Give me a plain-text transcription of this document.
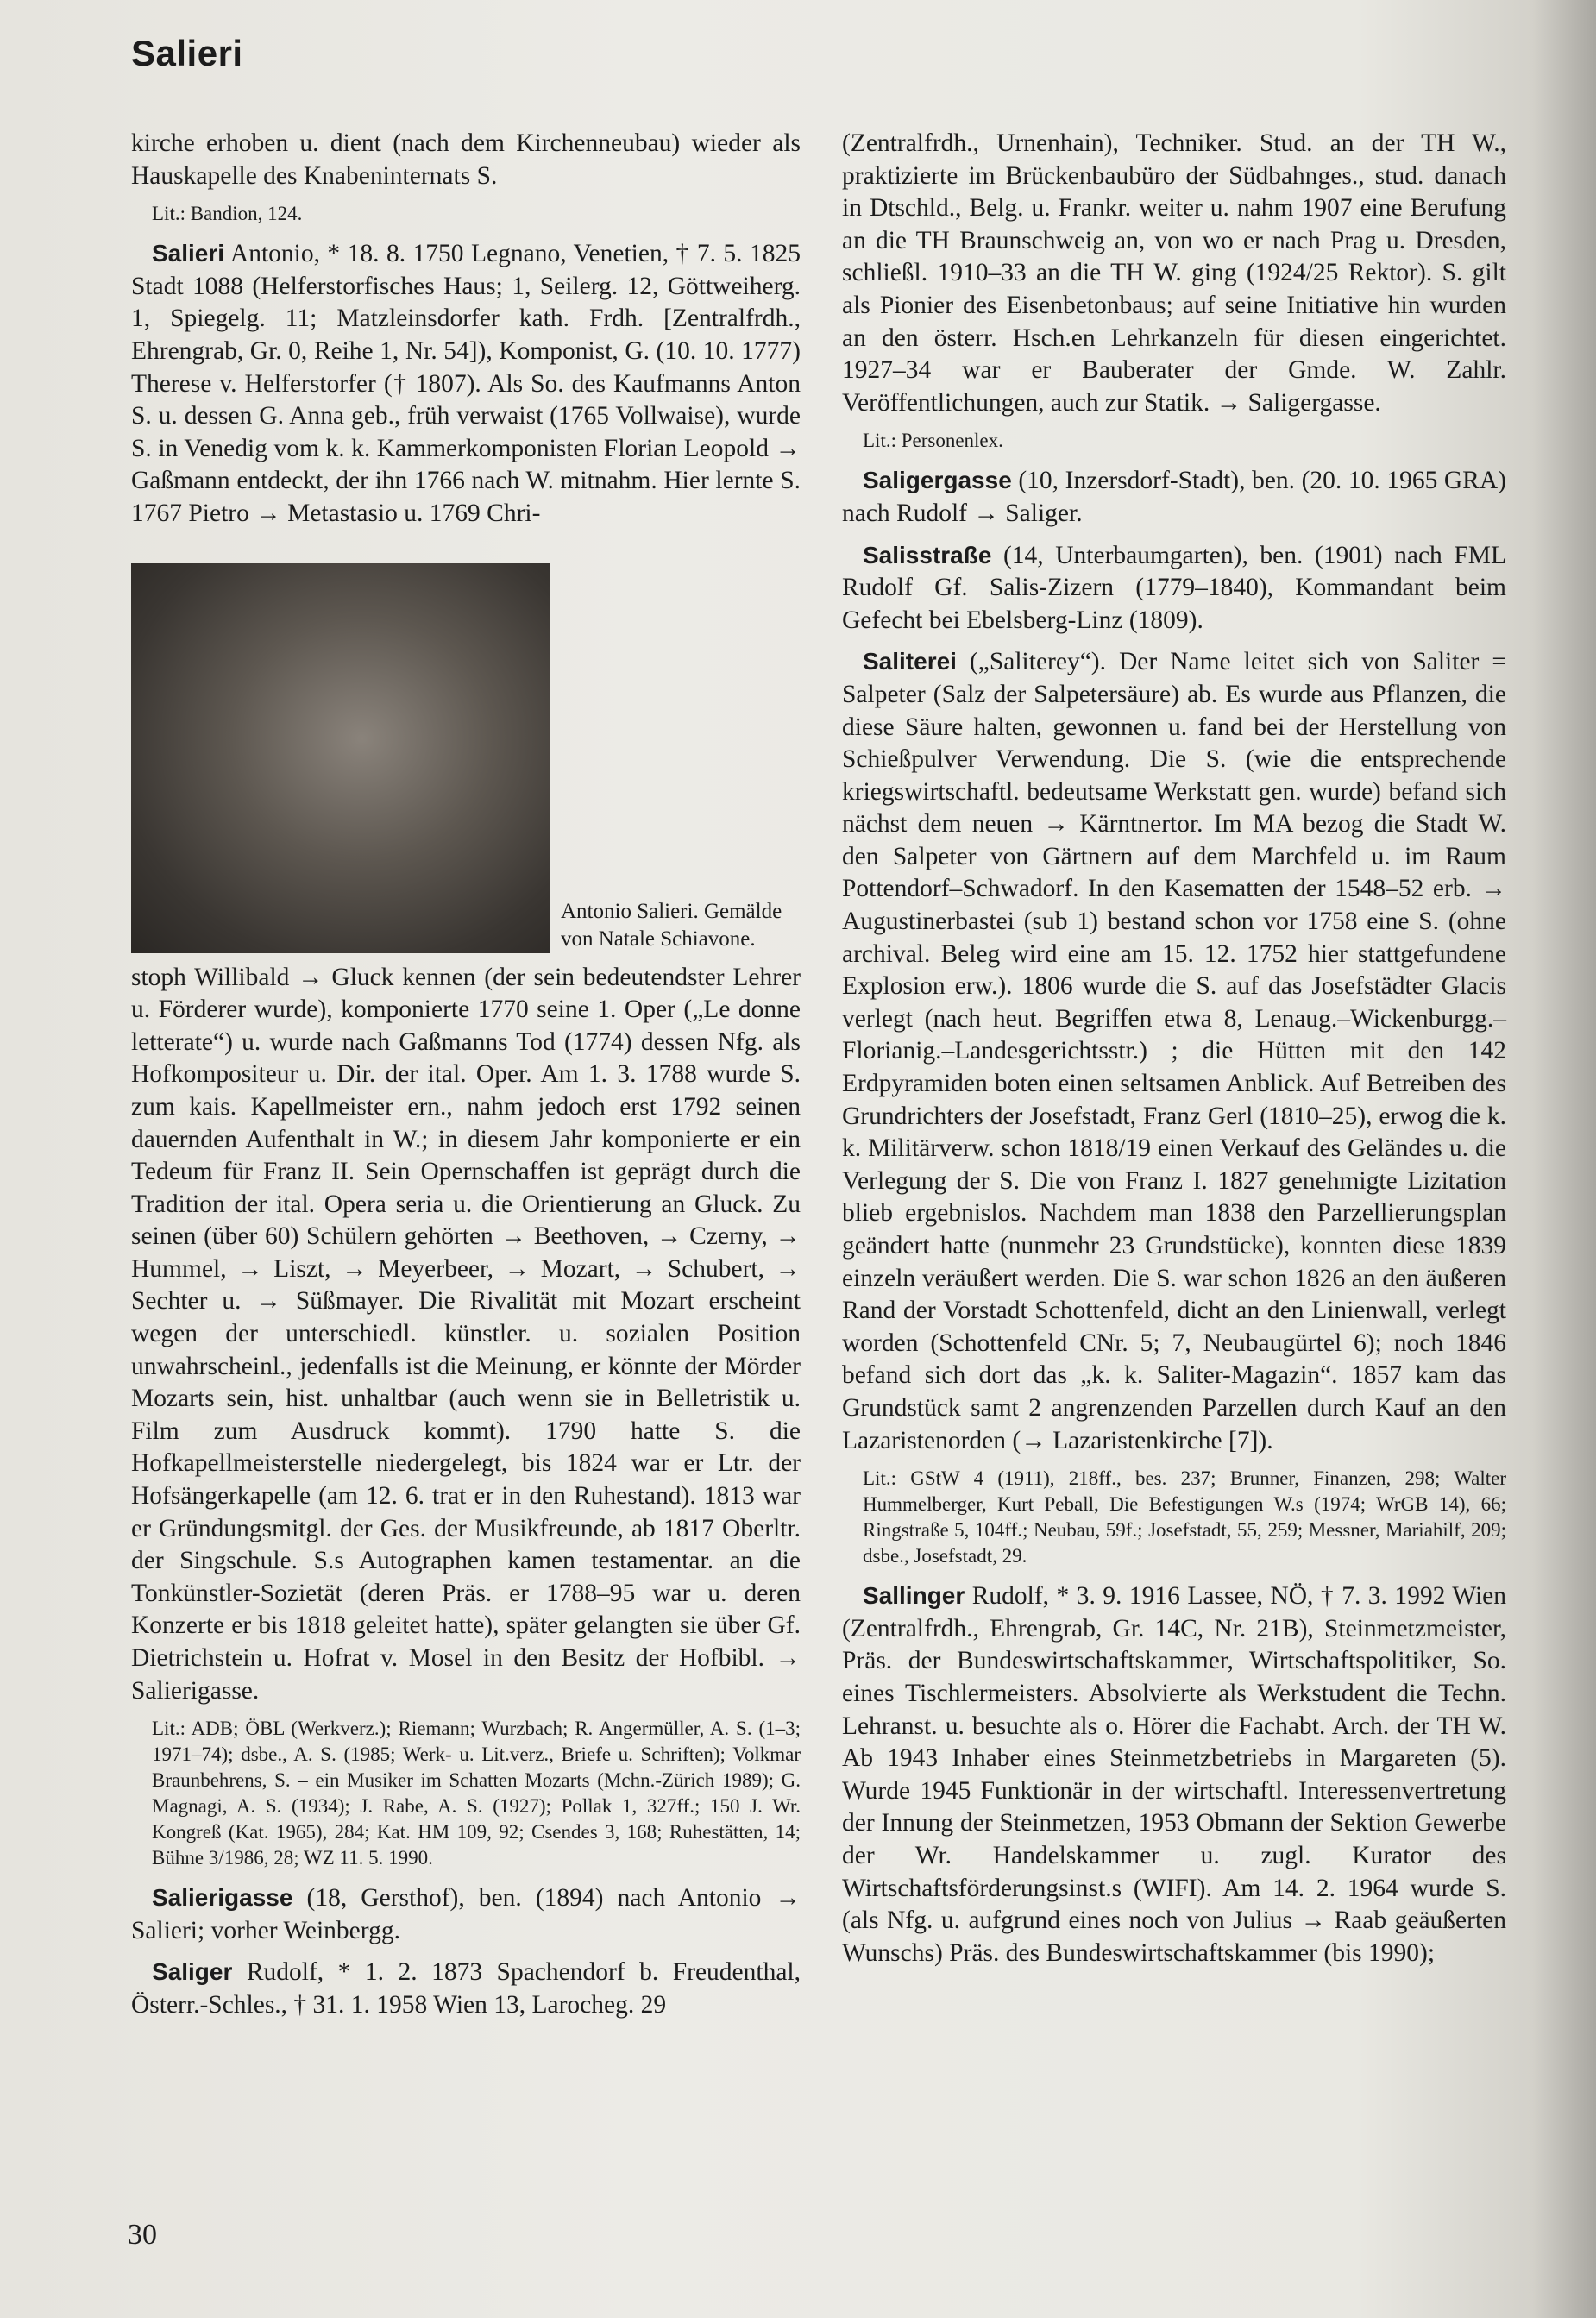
Salieri

kirche erhoben u. dient (nach dem Kirchenneubau) wieder als Hauskapelle des Knabeninternats S.

Lit.: Bandion, 124.

Salieri Antonio, * 18. 8. 1750 Legnano, Venetien, † 7. 5. 1825 Stadt 1088 (Helferstorfisches Haus; 1, Seilerg. 12, Göttweiherg. 1, Spiegelg. 11; Matzleinsdorfer kath. Frdh. [Zentralfrdh., Ehrengrab, Gr. 0, Reihe 1, Nr. 54]), Komponist, G. (10. 10. 1777) Therese v. Helferstorfer († 1807). Als So. des Kaufmanns Anton S. u. dessen G. Anna geb., früh verwaist (1765 Vollwaise), wurde S. in Venedig vom k. k. Kammerkomponisten Florian Leopold → Gaßmann entdeckt, der ihn 1766 nach W. mitnahm. Hier lernte S. 1767 Pietro → Metastasio u. 1769 Chri-

Antonio Salieri. Gemälde von Natale Schiavone.

stoph Willibald → Gluck kennen (der sein bedeutendster Lehrer u. Förderer wurde), komponierte 1770 seine 1. Oper („Le donne letterate“) u. wurde nach Gaßmanns Tod (1774) dessen Nfg. als Hofkompositeur u. Dir. der ital. Oper. Am 1. 3. 1788 wurde S. zum kais. Kapellmeister ern., nahm jedoch erst 1792 seinen dauernden Aufenthalt in W.; in diesem Jahr komponierte er ein Tedeum für Franz II. Sein Opernschaffen ist geprägt durch die Tradition der ital. Opera seria u. die Orientierung an Gluck. Zu seinen (über 60) Schülern gehörten → Beethoven, → Czerny, → Hummel, → Liszt, → Meyerbeer, → Mozart, → Schubert, → Sechter u. → Süßmayer. Die Rivalität mit Mozart erscheint wegen der unterschiedl. künstler. u. sozialen Position unwahrscheinl., jedenfalls ist die Meinung, er könnte der Mörder Mozarts sein, hist. unhaltbar (auch wenn sie in Belletristik u. Film zum Ausdruck kommt). 1790 hatte S. die Hofkapellmeisterstelle niedergelegt, bis 1824 war er Ltr. der Hofsängerkapelle (am 12. 6. trat er in den Ruhestand). 1813 war er Gründungsmitgl. der Ges. der Musikfreunde, ab 1817 Oberltr. der Singschule. S.s Autographen kamen testamentar. an die Tonkünstler-Sozietät (deren Präs. er 1788–95 war u. deren Konzerte er bis 1818 geleitet hatte), später gelangten sie über Gf. Dietrichstein u. Hofrat v. Mosel in den Besitz der Hofbibl. → Salierigasse.

Lit.: ADB; ÖBL (Werkverz.); Riemann; Wurzbach; R. Angermüller, A. S. (1–3; 1971–74); dsbe., A. S. (1985; Werk- u. Lit.verz., Briefe u. Schriften); Volkmar Braunbehrens, S. – ein Musiker im Schatten Mozarts (Mchn.-Zürich 1989); G. Magnagi, A. S. (1934); J. Rabe, A. S. (1927); Pollak 1, 327ff.; 150 J. Wr. Kongreß (Kat. 1965), 284; Kat. HM 109, 92; Csendes 3, 168; Ruhestätten, 14; Bühne 3/1986, 28; WZ 11. 5. 1990.

Salierigasse (18, Gersthof), ben. (1894) nach Antonio → Salieri; vorher Weinbergg.

Saliger Rudolf, * 1. 2. 1873 Spachendorf b. Freudenthal, Österr.-Schles., † 31. 1. 1958 Wien 13, Larocheg. 29

(Zentralfrdh., Urnenhain), Techniker. Stud. an der TH W., praktizierte im Brückenbaubüro der Südbahnges., stud. danach in Dtschld., Belg. u. Frankr. weiter u. nahm 1907 eine Berufung an die TH Braunschweig an, von wo er nach Prag u. Dresden, schließl. 1910–33 an die TH W. ging (1924/25 Rektor). S. gilt als Pionier des Eisenbetonbaus; auf seine Initiative hin wurden an den österr. Hsch.en Lehrkanzeln für diesen eingerichtet. 1927–34 war er Bauberater der Gmde. W. Zahlr. Veröffentlichungen, auch zur Statik. → Saligergasse.

Lit.: Personenlex.

Saligergasse (10, Inzersdorf-Stadt), ben. (20. 10. 1965 GRA) nach Rudolf → Saliger.

Salisstraße (14, Unterbaumgarten), ben. (1901) nach FML Rudolf Gf. Salis-Zizern (1779–1840), Kommandant beim Gefecht bei Ebelsberg-Linz (1809).

Saliterei („Saliterey“). Der Name leitet sich von Saliter = Salpeter (Salz der Salpetersäure) ab. Es wurde aus Pflanzen, die diese Säure halten, gewonnen u. fand bei der Herstellung von Schießpulver Verwendung. Die S. (wie die entsprechende kriegswirtschaftl. bedeutsame Werkstatt gen. wurde) befand sich nächst dem neuen → Kärntnertor. Im MA bezog die Stadt W. den Salpeter von Gärtnern auf dem Marchfeld u. im Raum Pottendorf–Schwadorf. In den Kasematten der 1548–52 erb. → Augustinerbastei (sub 1) bestand schon vor 1758 eine S. (ohne archival. Beleg wird eine am 15. 12. 1752 hier stattgefundene Explosion erw.). 1806 wurde die S. auf das Josefstädter Glacis verlegt (nach heut. Begriffen etwa 8, Lenaug.–Wickenburgg.–Florianig.–Landesgerichtsstr.) ; die Hütten mit den 142 Erdpyramiden boten einen seltsamen Anblick. Auf Betreiben des Grundrichters der Josefstadt, Franz Gerl (1810–25), erwog die k. k. Militärverw. schon 1818/19 einen Verkauf des Geländes u. die Verlegung der S. Die von Franz I. 1827 genehmigte Lizitation blieb ergebnislos. Nachdem man 1838 den Parzellierungsplan geändert hatte (nunmehr 23 Grundstücke), konnten diese 1839 einzeln veräußert werden. Die S. war schon 1826 an den äußeren Rand der Vorstadt Schottenfeld, dicht an den Linienwall, verlegt worden (Schottenfeld CNr. 5; 7, Neubaugürtel 6); noch 1846 befand sich dort das „k. k. Saliter-Magazin“. 1857 kam das Grundstück samt 2 angrenzenden Parzellen durch Kauf an den Lazaristenorden (→ Lazaristenkirche [7]).

Lit.: GStW 4 (1911), 218ff., bes. 237; Brunner, Finanzen, 298; Walter Hummelberger, Kurt Peball, Die Befestigungen W.s (1974; WrGB 14), 66; Ringstraße 5, 104ff.; Neubau, 59f.; Josefstadt, 55, 259; Messner, Mariahilf, 209; dsbe., Josefstadt, 29.

Sallinger Rudolf, * 3. 9. 1916 Lassee, NÖ, † 7. 3. 1992 Wien (Zentralfrdh., Ehrengrab, Gr. 14C, Nr. 21B), Steinmetzmeister, Präs. der Bundeswirtschaftskammer, Wirtschaftspolitiker, So. eines Tischlermeisters. Absolvierte als Werkstudent die Techn. Lehranst. u. besuchte als o. Hörer die Fachabt. Arch. der TH W. Ab 1943 Inhaber eines Steinmetzbetriebs in Margareten (5). Wurde 1945 Funktionär in der wirtschaftl. Interessenvertretung der Innung der Steinmetzen, 1953 Obmann der Sektion Gewerbe der Wr. Handelskammer u. zugl. Kurator des Wirtschaftsförderungsinst.s (WIFI). Am 14. 2. 1964 wurde S. (als Nfg. u. aufgrund eines noch von Julius → Raab geäußerten Wunschs) Präs. des Bundeswirtschaftskammer (bis 1990);

30
